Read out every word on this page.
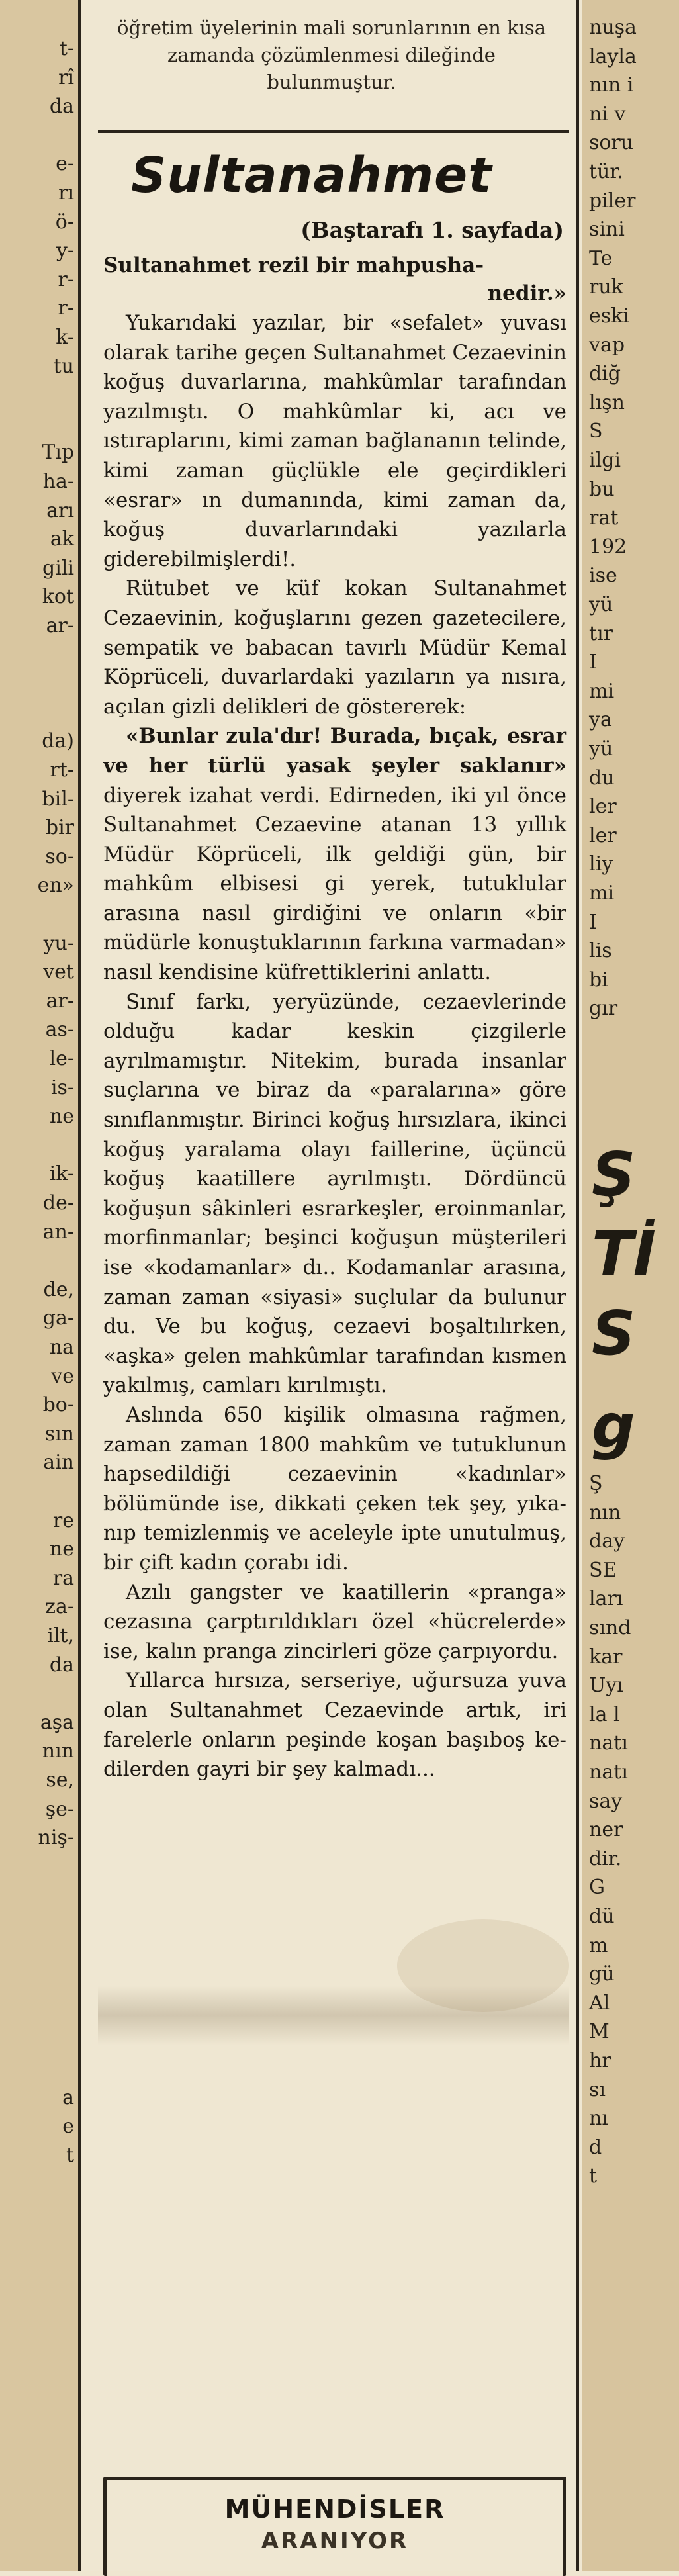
t-
rî
da
e-
rı
ö-
y-
r-
r-
k-
tu
Tıp
ha-
arı
ak
gili
kot
ar-
da)
rt-
bil-
bir
so-
en»
yu-
vet
ar-
as-
le-
is-
ne
ik-
de-
an-
de,
ga-
na
ve
bo-
sın
ain
re
ne
ra
za-
ilt,
da
aşa
nın
se,
şe-
niş-
a
e
t
öğretim üyelerinin mali sorunlarının en kısa zamanda çözümlenmesi dileğinde bulunmuştur.
Sultanahmet
(Baştarafı 1. sayfada)
Sultanahmet rezil bir mahpusha-
nedir.»

Yukarıdaki yazılar, bir «sefalet» yuvası olarak tarihe geçen Sultanahmet Cezaevinin koğuş duvarlarına, mahkûmlar tarafından yazılmıştı. O mahkûmlar ki, acı ve ıstıraplarını, kimi zaman bağlananın telinde, kimi zaman güçlükle ele geçirdikleri «esrar» ın dumanında, kimi zaman da, koğuş duvarlarındaki yazılarla giderebilmişlerdi!.

Rütubet ve küf kokan Sultanahmet Cezaevinin, koğuşlarını gezen gazetecilere, sempatik ve babacan tavırlı Müdür Kemal Köprüceli, duvarlardaki yazıların ya nısıra, açılan gizli delikleri de göstererek:

«Bunlar zula'dır! Burada, bıçak, esrar ve her türlü yasak şeyler saklanır» diyerek izahat verdi. Edirneden, iki yıl önce Sultanahmet Cezaevine atanan 13 yıllık Müdür Köprüceli, ilk geldiği gün, bir mahkûm elbisesi gi yerek, tutuklular arasına nasıl girdiğini ve onların «bir müdürle konuştuklarının farkına varmadan» nasıl kendisine küfrettiklerini anlattı.

Sınıf farkı, yeryüzünde, cezaevlerinde olduğu kadar keskin çizgilerle ayrılmamıştır. Nitekim, burada insanlar suçlarına ve biraz da «paralarına» göre sınıflanmıştır. Birinci koğuş hırsızlara, ikinci koğuş yaralama olayı faillerine, üçüncü koğuş kaatillere ayrılmıştı. Dördüncü koğuşun sâkinleri esrarkeşler, eroinmanlar, morfinmanlar; beşinci koğuşun müşterileri ise «kodamanlar» dı.. Kodamanlar arasına, zaman zaman «siyasi» suçlular da bulunur du. Ve bu koğuş, cezaevi boşaltılırken, «aşka» gelen mahkûmlar tarafından kısmen yakılmış, camları kırılmıştı.

Aslında 650 kişilik olmasına rağmen, zaman zaman 1800 mahkûm ve tutuklunun hapsedildiği cezaevinin «kadınlar» bölümünde ise, dikkati çeken tek şey, yıkanıp temizlenmiş ve aceleyle ipte unutulmuş, bir çift kadın çorabı idi.

Azılı gangster ve kaatillerin «pranga» cezasına çarptırıldıkları özel «hücrelerde» ise, kalın pranga zincirleri göze çarpıyordu.

Yıllarca hırsıza, serseriye, uğursuza yuva olan Sultanahmet Cezaevinde artık, iri farelerle onların peşinde koşan başıboş kedilerden gayri bir şey kalmadı...

MÜHENDİSLER
ARANIYOR
nuşa
layla
nın i
ni v
soru
tür.
piler
sini
Te
ruk
eski
vap
diğ
lışn
S
ilgi
bu
rat
192
ise
yü
tır
I
mi
ya
yü
du
ler
ler
liy
mi
I
lis
bi
gır
Ş
Tİ
S
g
Ş
nın
day
SE
ları
sınd
kar
Uyı
la l
natı
natı
say
ner
dir.
G
dü
m
gü
Al
M
hr
sı
nı
d
t
